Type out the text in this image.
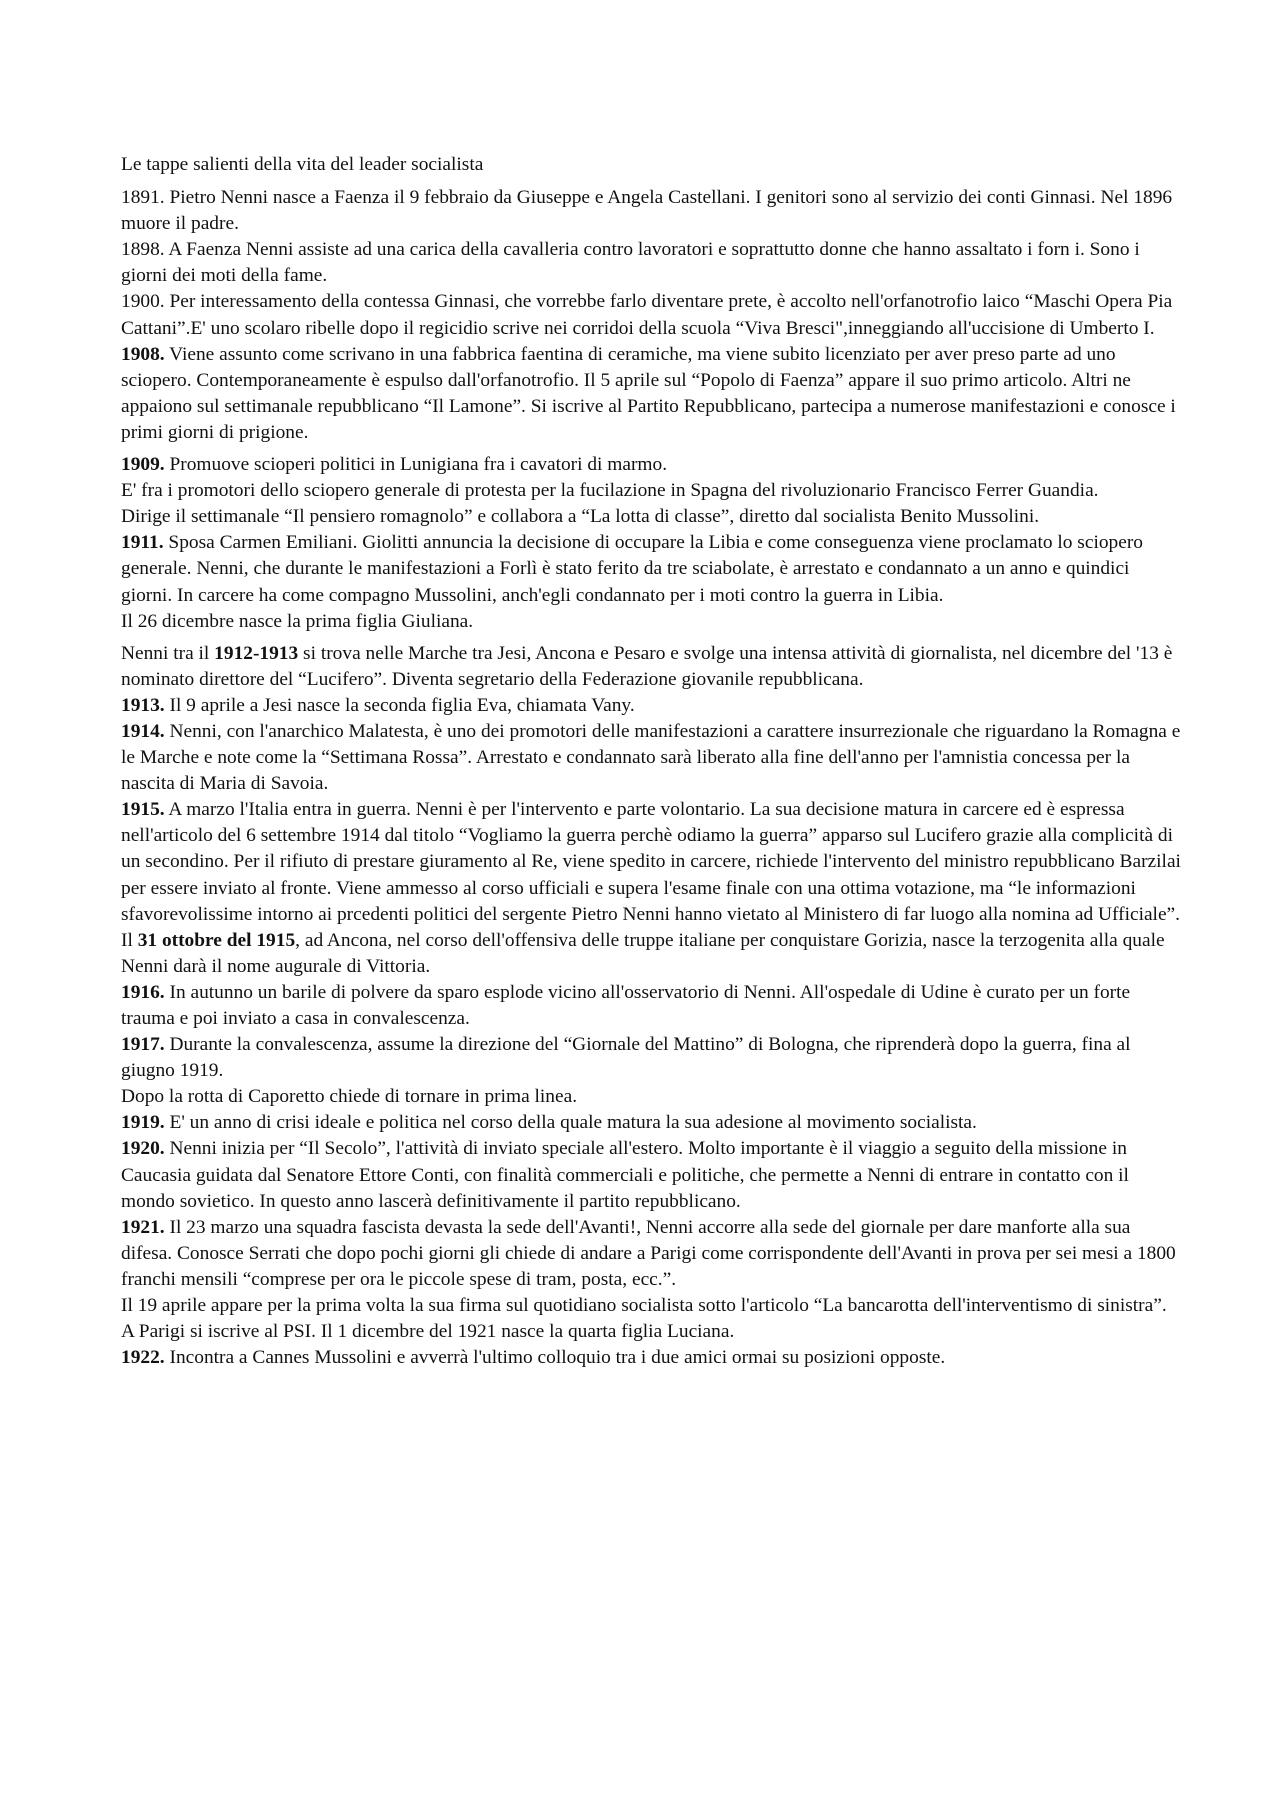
Le tappe salienti della vita del leader socialista

1891. Pietro Nenni nasce a Faenza il 9 febbraio da Giuseppe e Angela Castellani. I genitori sono al servizio dei conti Ginnasi. Nel 1896 muore il padre.

1898. A Faenza Nenni assiste ad una carica della cavalleria contro lavoratori e soprattutto donne che hanno assaltato i forn i. Sono i giorni dei moti della fame.

1900. Per interessamento della contessa Ginnasi, che vorrebbe farlo diventare prete, è accolto nell'orfanotrofio laico “Maschi Opera Pia Cattani”.E' uno scolaro ribelle dopo il regicidio scrive nei corridoi della scuola “Viva Bresci",inneggiando all'uccisione di Umberto I.

1908. Viene assunto come scrivano in una fabbrica faentina di ceramiche, ma viene subito licenziato per aver preso parte ad uno sciopero. Contemporaneamente è espulso dall'orfanotrofio. Il 5 aprile sul “Popolo di Faenza” appare il suo primo articolo. Altri ne appaiono sul settimanale repubblicano “Il Lamone”. Si iscrive al Partito Repubblicano, partecipa a numerose manifestazioni e conosce i primi giorni di prigione.

1909. Promuove scioperi politici in Lunigiana fra i cavatori di marmo.

E' fra i promotori dello sciopero generale di protesta per la fucilazione in Spagna del rivoluzionario Francisco Ferrer Guandia.

Dirige il settimanale “Il pensiero romagnolo” e collabora a “La lotta di classe”, diretto dal socialista Benito Mussolini.

1911. Sposa Carmen Emiliani. Giolitti annuncia la decisione di occupare la Libia e come conseguenza viene proclamato lo sciopero generale. Nenni, che durante le manifestazioni a Forlì è stato ferito da tre sciabolate, è arrestato e condannato a un anno e quindici giorni. In carcere ha come compagno Mussolini, anch'egli condannato per i moti contro la guerra in Libia.

Il 26 dicembre nasce la prima figlia Giuliana.

Nenni tra il 1912-1913 si trova nelle Marche tra Jesi, Ancona e Pesaro e svolge una intensa attività di giornalista, nel dicembre del '13 è nominato direttore del “Lucifero”. Diventa segretario della Federazione giovanile repubblicana.

1913. Il 9 aprile a Jesi nasce la seconda figlia Eva, chiamata Vany.

1914. Nenni, con l'anarchico Malatesta, è uno dei promotori delle manifestazioni a carattere insurrezionale che riguardano la Romagna e le Marche e note come la “Settimana Rossa”. Arrestato e condannato sarà liberato alla fine dell'anno per l'amnistia concessa per la nascita di Maria di Savoia.

1915. A marzo l'Italia entra in guerra. Nenni è per l'intervento e parte volontario. La sua decisione matura in carcere ed è espressa nell'articolo del 6 settembre 1914 dal titolo “Vogliamo la guerra perchè odiamo la guerra” apparso sul Lucifero grazie alla complicità di un secondino. Per il rifiuto di prestare giuramento al Re, viene spedito in carcere, richiede l'intervento del ministro repubblicano Barzilai per essere inviato al fronte. Viene ammesso al corso ufficiali e supera l'esame finale con una ottima votazione, ma “le informazioni sfavorevolissime intorno ai prcedenti politici del sergente Pietro Nenni hanno vietato al Ministero di far luogo alla nomina ad Ufficiale”.

Il 31 ottobre del 1915, ad Ancona, nel corso dell'offensiva delle truppe italiane per conquistare Gorizia, nasce la terzogenita alla quale Nenni darà il nome augurale di Vittoria.

1916. In autunno un barile di polvere da sparo esplode vicino all'osservatorio di Nenni. All'ospedale di Udine è curato per un forte trauma e poi inviato a casa in convalescenza.

1917. Durante la convalescenza, assume la direzione del “Giornale del Mattino” di Bologna, che riprenderà dopo la guerra, fina al giugno 1919.

Dopo la rotta di Caporetto chiede di tornare in prima linea.

1919. E' un anno di crisi ideale e politica nel corso della quale matura la sua adesione al movimento socialista.

1920. Nenni inizia per “Il Secolo”, l'attività di inviato speciale all'estero. Molto importante è il viaggio a seguito della missione in Caucasia guidata dal Senatore Ettore Conti, con finalità commerciali e politiche, che permette a Nenni di entrare in contatto con il mondo sovietico. In questo anno lascerà definitivamente il partito repubblicano.

1921. Il 23 marzo una squadra fascista devasta la sede dell'Avanti!, Nenni accorre alla sede del giornale per dare manforte alla sua difesa. Conosce Serrati che dopo pochi giorni gli chiede di andare a Parigi come corrispondente dell'Avanti in prova per sei mesi a 1800 franchi mensili “comprese per ora le piccole spese di tram, posta, ecc.”.

Il 19 aprile appare per la prima volta la sua firma sul quotidiano socialista sotto l'articolo “La bancarotta dell'interventismo di sinistra”. A Parigi si iscrive al PSI. Il 1 dicembre del 1921 nasce la quarta figlia Luciana.

1922. Incontra a Cannes Mussolini e avverrà l'ultimo colloquio tra i due amici ormai su posizioni opposte.
